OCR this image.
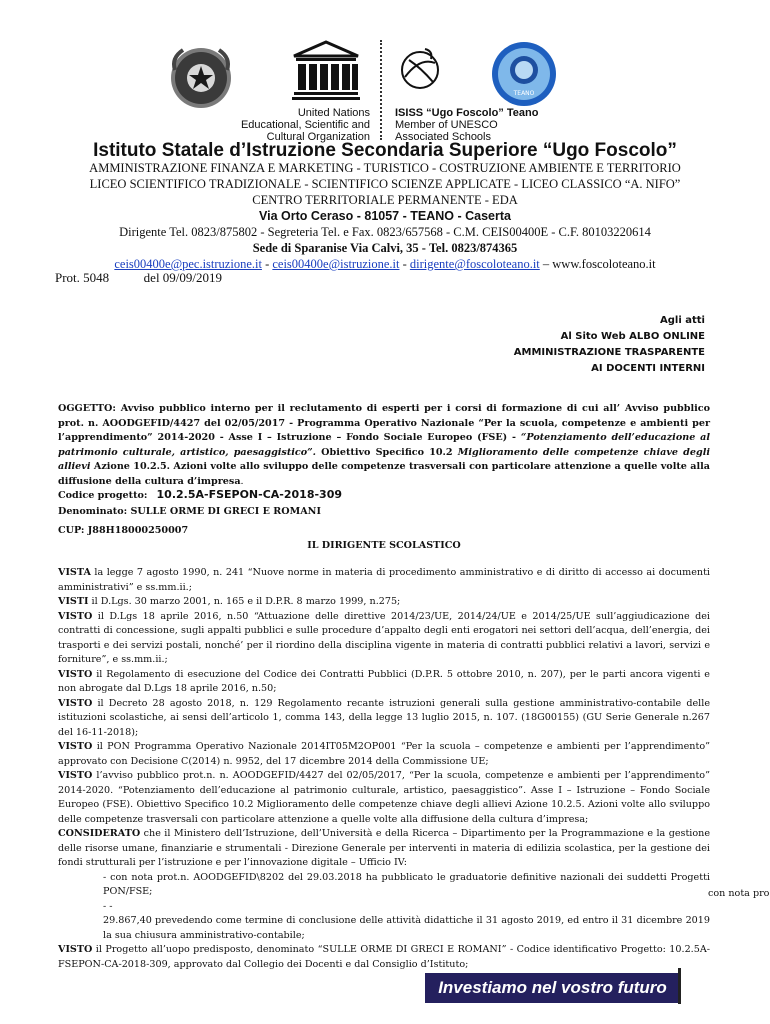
TEANO
United Nations
Educational, Scientific and
Cultural Organization
ISISS “Ugo Foscolo” Teano
Member of UNESCO
Associated Schools
Istituto Statale d’Istruzione Secondaria Superiore “Ugo Foscolo”
AMMINISTRAZIONE FINANZA E MARKETING - TURISTICO - COSTRUZIONE AMBIENTE E TERRITORIO
LICEO SCIENTIFICO TRADIZIONALE - SCIENTIFICO SCIENZE APPLICATE - LICEO CLASSICO “A. NIFO”
CENTRO TERRITORIALE PERMANENTE - EDA
Via Orto Ceraso - 81057 - TEANO - Caserta
Dirigente Tel. 0823/875802 - Segreteria Tel. e Fax. 0823/657568 - C.M. CEIS00400E - C.F. 80103220614
Sede di Sparanise Via Calvi, 35 - Tel. 0823/874365
ceis00400e@pec.istruzione.it - ceis00400e@istruzione.it - dirigente@foscoloteano.it – www.foscoloteano.it
Prot. 5048	del 09/09/2019
Agli atti
Al Sito Web ALBO ONLINE
AMMINISTRAZIONE TRASPARENTE
AI DOCENTI INTERNI
OGGETTO: Avviso pubblico interno per il reclutamento di esperti per i corsi di formazione di cui all’ Avviso pubblico prot. n. AOODGEFID/4427 del 02/05/2017 - Programma Operativo Nazionale “Per la scuola, competenze e ambienti per l’apprendimento” 2014-2020 - Asse I – Istruzione – Fondo Sociale Europeo (FSE) - “Potenziamento dell’educazione al patrimonio culturale, artistico, paesaggistico”. Obiettivo Specifico 10.2 Miglioramento delle competenze chiave degli allievi Azione 10.2.5. Azioni volte allo sviluppo delle competenze trasversali con particolare attenzione a quelle volte alla diffusione della cultura d’impresa.
Codice progetto: 10.2.5A-FSEPON-CA-2018-309
Denominato: SULLE ORME DI GRECI E ROMANI
CUP: J88H18000250007
IL DIRIGENTE SCOLASTICO
VISTA la legge 7 agosto 1990, n. 241 “Nuove norme in materia di procedimento amministrativo e di diritto di accesso ai documenti amministrativi” e ss.mm.ii.;
VISTI il D.Lgs. 30 marzo 2001, n. 165 e il D.P.R. 8 marzo 1999, n.275;
VISTO il D.Lgs 18 aprile 2016, n.50 “Attuazione delle direttive 2014/23/UE, 2014/24/UE e 2014/25/UE sull’aggiudicazione dei contratti di concessione, sugli appalti pubblici e sulle procedure d’appalto degli enti erogatori nei settori dell’acqua, dell’energia, dei trasporti e dei servizi postali, nonché’ per il riordino della disciplina vigente in materia di contratti pubblici relativi a lavori, servizi e forniture”, e ss.mm.ii.;
VISTO il Regolamento di esecuzione del Codice dei Contratti Pubblici (D.P.R. 5 ottobre 2010, n. 207), per le parti ancora vigenti e non abrogate dal D.Lgs 18 aprile 2016, n.50;
VISTO il Decreto 28 agosto 2018, n. 129 Regolamento recante istruzioni generali sulla gestione amministrativo-contabile delle istituzioni scolastiche, ai sensi dell’articolo 1, comma 143, della legge 13 luglio 2015, n. 107. (18G00155) (GU Serie Generale n.267 del 16-11-2018);
VISTO il PON Programma Operativo Nazionale 2014IT05M2OP001 “Per la scuola – competenze e ambienti per l’apprendimento” approvato con Decisione C(2014) n. 9952, del 17 dicembre 2014 della Commissione UE;
VISTO l’avviso pubblico prot.n. n. AOODGEFID/4427 del 02/05/2017, “Per la scuola, competenze e ambienti per l’apprendimento” 2014-2020. “Potenziamento dell’educazione al patrimonio culturale, artistico, paesaggistico”. Asse I – Istruzione – Fondo Sociale Europeo (FSE). Obiettivo Specifico 10.2 Miglioramento delle competenze chiave degli allievi Azione 10.2.5. Azioni volte allo sviluppo delle competenze trasversali con particolare attenzione a quelle volte alla diffusione della cultura d’impresa;
CONSIDERATO che il Ministero dell’Istruzione, dell’Università e della Ricerca – Dipartimento per la Programmazione e la gestione delle risorse umane, finanziarie e strumentali - Direzione Generale per interventi in materia di edilizia scolastica, per la gestione dei fondi strutturali per l’istruzione e per l’innovazione digitale – Ufficio IV:
- con nota prot.n. AOODGEFID\8202 del 29.03.2018 ha pubblicato le graduatorie definitive nazionali dei suddetti Progetti PON/FSE;
- -
29.867,40 prevedendo come termine di conclusione delle attività didattiche il 31 agosto 2019, ed entro il 31 dicembre 2019 la sua chiusura amministrativo-contabile;
VISTO il Progetto all’uopo predisposto, denominato “SULLE ORME DI GRECI E ROMANI” - Codice identificativo Progetto: 10.2.5A-FSEPON-CA-2018-309, approvato dal Collegio dei Docenti e dal Consiglio d’Istituto;
con nota pro
Investiamo nel vostro futuro
